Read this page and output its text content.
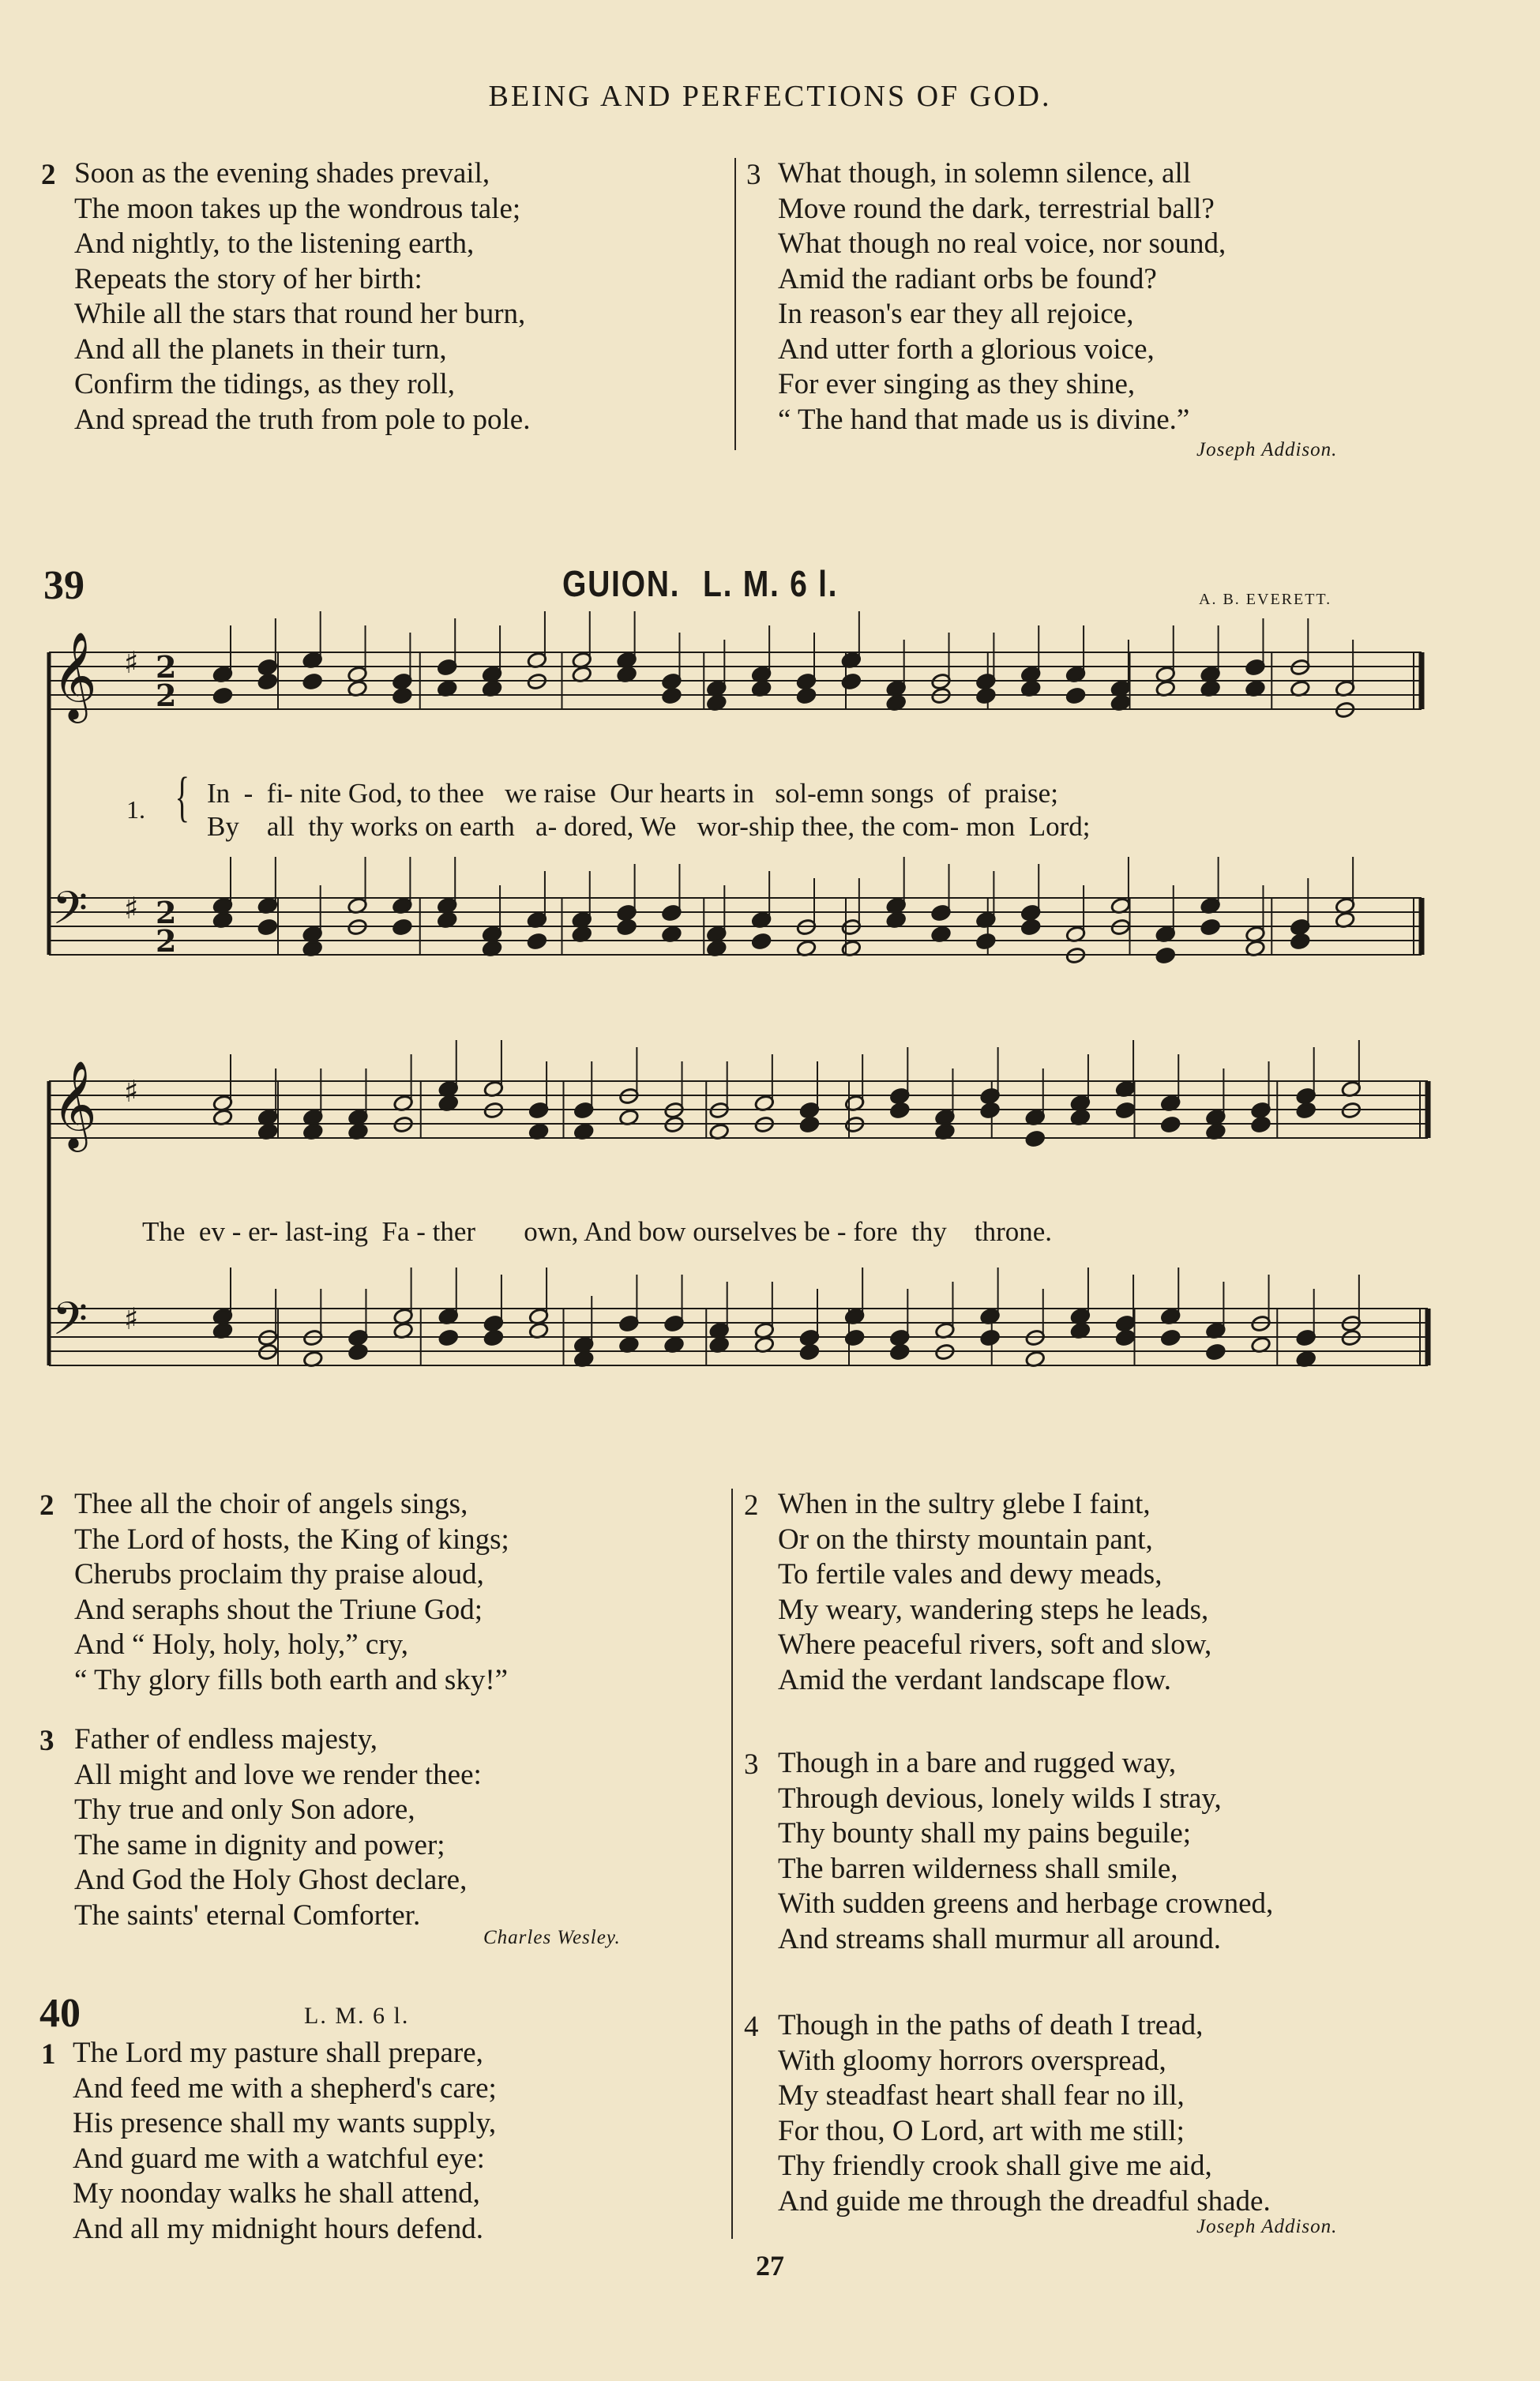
BEING AND PERFECTIONS OF GOD.
2 Soon as the evening shades prevail,
The moon takes up the wondrous tale;
And nightly, to the listening earth,
Repeats the story of her birth:
While all the stars that round her burn,
And all the planets in their turn,
Confirm the tidings, as they roll,
And spread the truth from pole to pole.
3 What though, in solemn silence, all
Move round the dark, terrestrial ball?
What though no real voice, nor sound,
Amid the radiant orbs be found?
In reason's ear they all rejoice,
And utter forth a glorious voice,
For ever singing as they shine,
“ The hand that made us is divine.”
Joseph Addison.
39	GUION. L. M. 6 l.	A. B. EVERETT.
𝄞 ♯ 2
2
𝄢 ♯ 2
2
𝄞 ♯
𝄢 ♯
1. { In  -  fi- nite God, to thee   we raise  Our hearts in   sol-emn songs  of  praise;
By    all  thy works on earth   a- dored, We   wor-ship thee, the com- mon  Lord;
The  ev - er- last-ing  Fa - ther       own, And bow ourselves be - fore  thy    throne.
2 Thee all the choir of angels sings,
The Lord of hosts, the King of kings;
Cherubs proclaim thy praise aloud,
And seraphs shout the Triune God;
And “ Holy, holy, holy,” cry,
“ Thy glory fills both earth and sky!”
3 Father of endless majesty,
All might and love we render thee:
Thy true and only Son adore,
The same in dignity and power;
And God the Holy Ghost declare,
The saints' eternal Comforter.
Charles Wesley.
40	L. M. 6 l.
1 The Lord my pasture shall prepare,
And feed me with a shepherd's care;
His presence shall my wants supply,
And guard me with a watchful eye:
My noonday walks he shall attend,
And all my midnight hours defend.
2 When in the sultry glebe I faint,
Or on the thirsty mountain pant,
To fertile vales and dewy meads,
My weary, wandering steps he leads,
Where peaceful rivers, soft and slow,
Amid the verdant landscape flow.
3 Though in a bare and rugged way,
Through devious, lonely wilds I stray,
Thy bounty shall my pains beguile;
The barren wilderness shall smile,
With sudden greens and herbage crowned,
And streams shall murmur all around.
4 Though in the paths of death I tread,
With gloomy horrors overspread,
My steadfast heart shall fear no ill,
For thou, O Lord, art with me still;
Thy friendly crook shall give me aid,
And guide me through the dreadful shade.
Joseph Addison.
27
